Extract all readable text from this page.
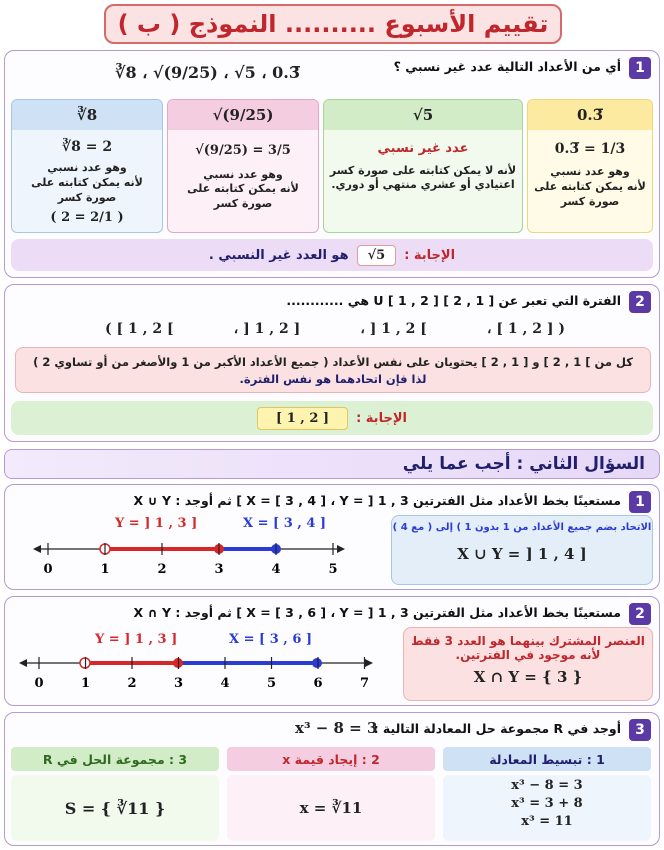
تقييم الأسبوع .......... النموذج ( ب )
1
أي من الأعداد التالية عدد غير نسبي ؟
∛8 ، √(9/25) ، √5 ، 0.3̅
0.3̅
0.3̅ = 1/3
وهو عدد نسبي
لأنه يمكن كتابته على
صورة كسر
√5
عدد غير نسبي
لأنه لا يمكن كتابته على صورة كسر
اعتيادي أو عشري منتهي أو دوري.
√(9/25)
√(9/25) = 3/5
وهو عدد نسبي
لأنه يمكن كتابته على صورة كسر
∛8
∛8 = 2
وهو عدد نسبي
لأنه يمكن كتابته على صورة كسر
( 2 = 2/1 )
الإجابة :
√5
هو العدد غير النسبي .
2
الفترة التي تعبر عن [ 1 , 2 ] U [ 1 , 2 ] هي ............
( [ 1 , 2 [	، ] 1 , 2 ]	، ] 1 , 2 [	، [ 1 , 2 ] )
كل من ] 1 , 2 ] و [ 1 , 2 ] يحتويان على نفس الأعداد ( جميع الأعداد الأكبر من 1 والأصغر من أو تساوي 2 )
لذا فإن اتحادهما هو نفس الفترة.
الإجابة :
[ 1 , 2 ]
السؤال الثاني : أجب عما يلي
1
مستعينًا بخط الأعداد مثل الفترتين X = [ 3 , 4 ] ، Y = ] 1 , 3 ] ثم أوجد : X ∪ Y
Y = ] 1 , 3 ]	X = [ 3 , 4 ]
0	1	2	3	4	5
الاتحاد بضم جميع الأعداد من 1 بدون 1 ) إلى ( مع 4 )
X ∪ Y = ] 1 , 4 ]
2
مستعينًا بخط الأعداد مثل الفترتين X = [ 3 , 6 ] ، Y = ] 1 , 3 ] ثم أوجد : X ∩ Y
Y = ] 1 , 3 ]	X = [ 3 , 6 ]
0	1	2	3	4	5	6	7
العنصر المشترك بينهما هو العدد 3 فقط
لأنه موجود في الفترتين.
X ∩ Y = { 3 }
3
أوجد في R مجموعة حل المعادلة التالية :
x³ − 8 = 3
1 : تبسيط المعادلة
2 : إيجاد قيمة x
3 : مجموعة الحل في R
x³ − 8 = 3
x³ = 3 + 8
x³ = 11
x = ∛11
S = { ∛11 }
